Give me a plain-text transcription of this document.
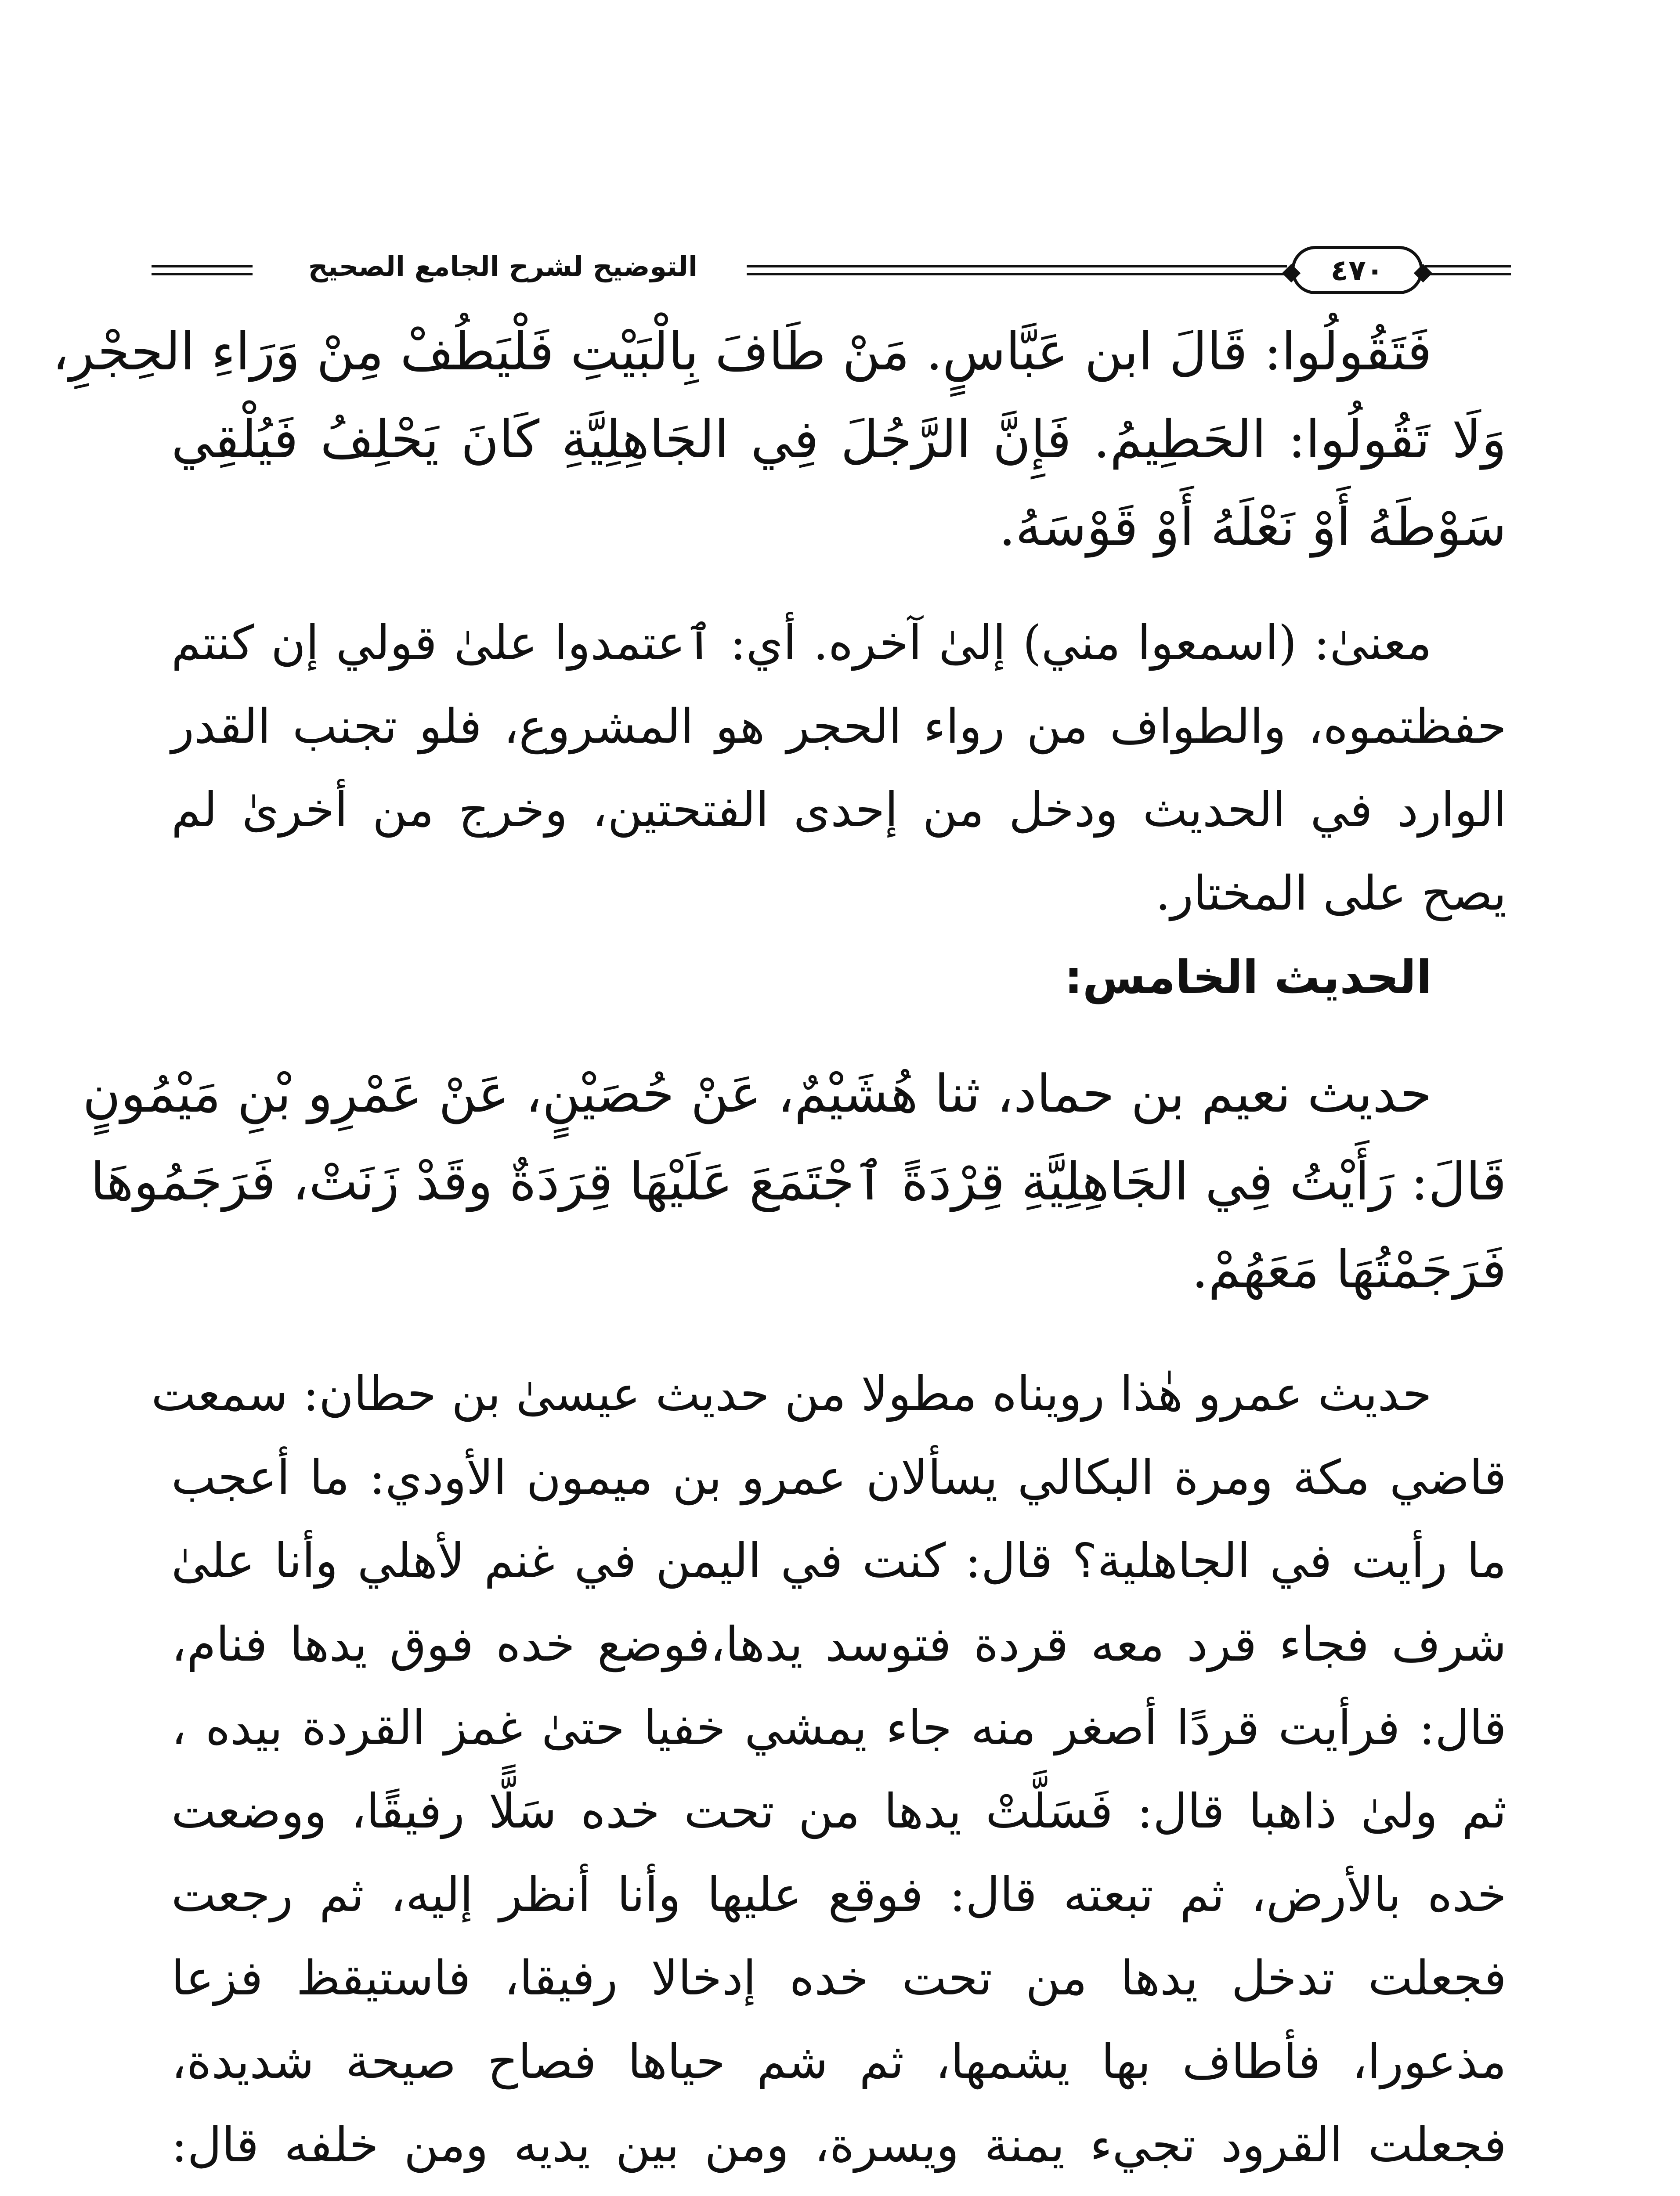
التوضيح لشرح الجامع الصحيح	٤٧٠
فَتَقُولُوا: قَالَ ابن عَبَّاسٍ. مَنْ طَافَ بِالْبَيْتِ فَلْيَطُفْ مِنْ وَرَاءِ الحِجْرِ،
وَلَا تَقُولُوا: الحَطِيمُ. فَإِنَّ الرَّجُلَ فِي الجَاهِلِيَّةِ كَانَ يَحْلِفُ فَيُلْقِي
سَوْطَهُ أَوْ نَعْلَهُ أَوْ قَوْسَهُ.
معنىٰ: (اسمعوا مني) إلىٰ آخره. أي: ٱعتمدوا علىٰ قولي إن كنتم
حفظتموه، والطواف من رواء الحجر هو المشروع، فلو تجنب القدر
الوارد في الحديث ودخل من إحدى الفتحتين، وخرج من أخرىٰ لم
يصح على المختار.
الحديث الخامس:
حديث نعيم بن حماد، ثنا هُشَيْمٌ، عَنْ حُصَيْنٍ، عَنْ عَمْرِو بْنِ مَيْمُونٍ
قَالَ: رَأَيْتُ فِي الجَاهِلِيَّةِ قِرْدَةً ٱجْتَمَعَ عَلَيْهَا قِرَدَةٌ وقَدْ زَنَتْ، فَرَجَمُوهَا
فَرَجَمْتُهَا مَعَهُمْ.
حديث عمرو هٰذا رويناه مطولا من حديث عيسىٰ بن حطان: سمعت
قاضي مكة ومرة البكالي يسألان عمرو بن ميمون الأودي: ما أعجب
ما رأيت في الجاهلية؟ قال: كنت في اليمن في غنم لأهلي وأنا علىٰ
شرف فجاء قرد معه قردة فتوسد يدها،فوضع خده فوق يدها فنام،
قال: فرأيت قردًا أصغر منه جاء يمشي خفيا حتىٰ غمز القردة بيده ،
ثم ولىٰ ذاهبا قال: فَسَلَّتْ يدها من تحت خده سَلًّا رفيقًا، ووضعت
خده بالأرض، ثم تبعته قال: فوقع عليها وأنا أنظر إليه، ثم رجعت
فجعلت تدخل يدها من تحت خده إدخالا رفيقا، فاستيقظ فزعا
مذعورا، فأطاف بها يشمها، ثم شم حياها فصاح صيحة شديدة،
فجعلت القرود تجيء يمنة ويسرة، ومن بين يديه ومن خلفه قال:
